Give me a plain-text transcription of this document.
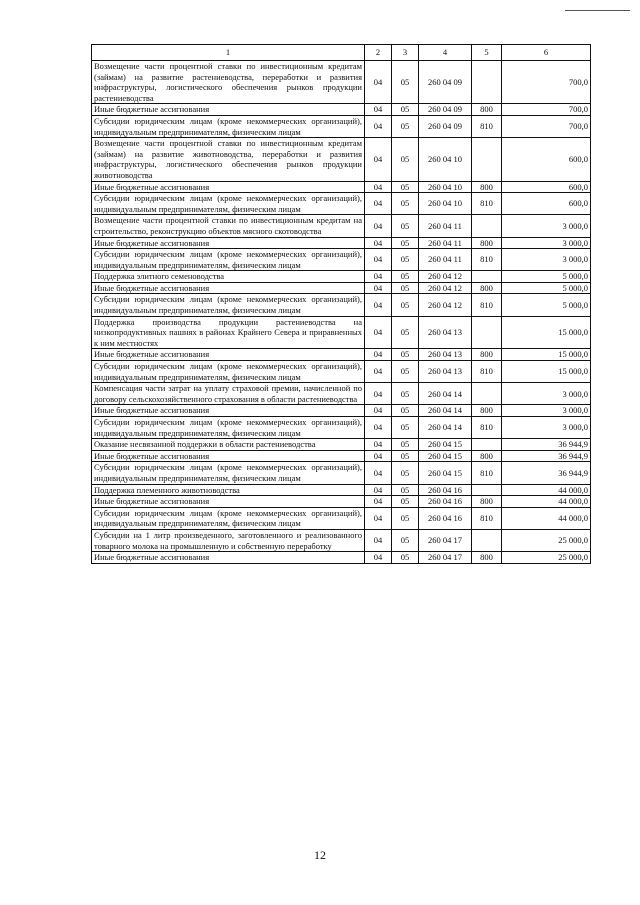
1	2	3	4	5	6
Возмещение части процентной ставки по инвестиционным кредитам (займам) на развитие растениеводства, переработки и развития инфраструктуры, логистического обеспечения рынков продукции растениеводства	04	05	260 04 09		700,0
Иные бюджетные ассигнования	04	05	260 04 09	800	700,0
Субсидии юридическим лицам (кроме некоммерческих организаций), индивидуальным предпринимателям, физическим лицам	04	05	260 04 09	810	700,0
Возмещение части процентной ставки по инвестиционным кредитам (займам) на развитие животноводства, переработки и развития инфраструктуры, логистического обеспечения рынков продукции животноводства	04	05	260 04 10		600,0
Иные бюджетные ассигнования	04	05	260 04 10	800	600,0
Субсидии юридическим лицам (кроме некоммерческих организаций), индивидуальным предпринимателям, физическим лицам	04	05	260 04 10	810	600,0
Возмещение части процентной ставки по инвестиционным кредитам на строительство, реконструкцию объектов мясного скотоводства	04	05	260 04 11		3 000,0
Иные бюджетные ассигнования	04	05	260 04 11	800	3 000,0
Субсидии юридическим лицам (кроме некоммерческих организаций), индивидуальным предпринимателям, физическим лицам	04	05	260 04 11	810	3 000,0
Поддержка элитного семеноводства	04	05	260 04 12		5 000,0
Иные бюджетные ассигнования	04	05	260 04 12	800	5 000,0
Субсидии юридическим лицам (кроме некоммерческих организаций), индивидуальным предпринимателям, физическим лицам	04	05	260 04 12	810	5 000,0
Поддержка производства продукции растениеводства на низкопродуктивных пашнях в районах Крайнего Севера и приравненных к ним местностях	04	05	260 04 13		15 000,0
Иные бюджетные ассигнования	04	05	260 04 13	800	15 000,0
Субсидии юридическим лицам (кроме некоммерческих организаций), индивидуальным предпринимателям, физическим лицам	04	05	260 04 13	810	15 000,0
Компенсация части затрат на уплату страховой премии, начисленной по договору сельскохозяйственного страхования в области растениеводства	04	05	260 04 14		3 000,0
Иные бюджетные ассигнования	04	05	260 04 14	800	3 000,0
Субсидии юридическим лицам (кроме некоммерческих организаций), индивидуальным предпринимателям, физическим лицам	04	05	260 04 14	810	3 000,0
Оказание несвязанной поддержки в области растениеводства	04	05	260 04 15		36 944,9
Иные бюджетные ассигнования	04	05	260 04 15	800	36 944,9
Субсидии юридическим лицам (кроме некоммерческих организаций), индивидуальным предпринимателям, физическим лицам	04	05	260 04 15	810	36 944,9
Поддержка племенного животноводства	04	05	260 04 16		44 000,0
Иные бюджетные ассигнования	04	05	260 04 16	800	44 000,0
Субсидии юридическим лицам (кроме некоммерческих организаций), индивидуальным предпринимателям, физическим лицам	04	05	260 04 16	810	44 000,0
Субсидии на 1 литр произведенного, заготовленного и реализованного товарного молока на промышленную и собственную переработку	04	05	260 04 17		25 000,0
Иные бюджетные ассигнования	04	05	260 04 17	800	25 000,0
12
